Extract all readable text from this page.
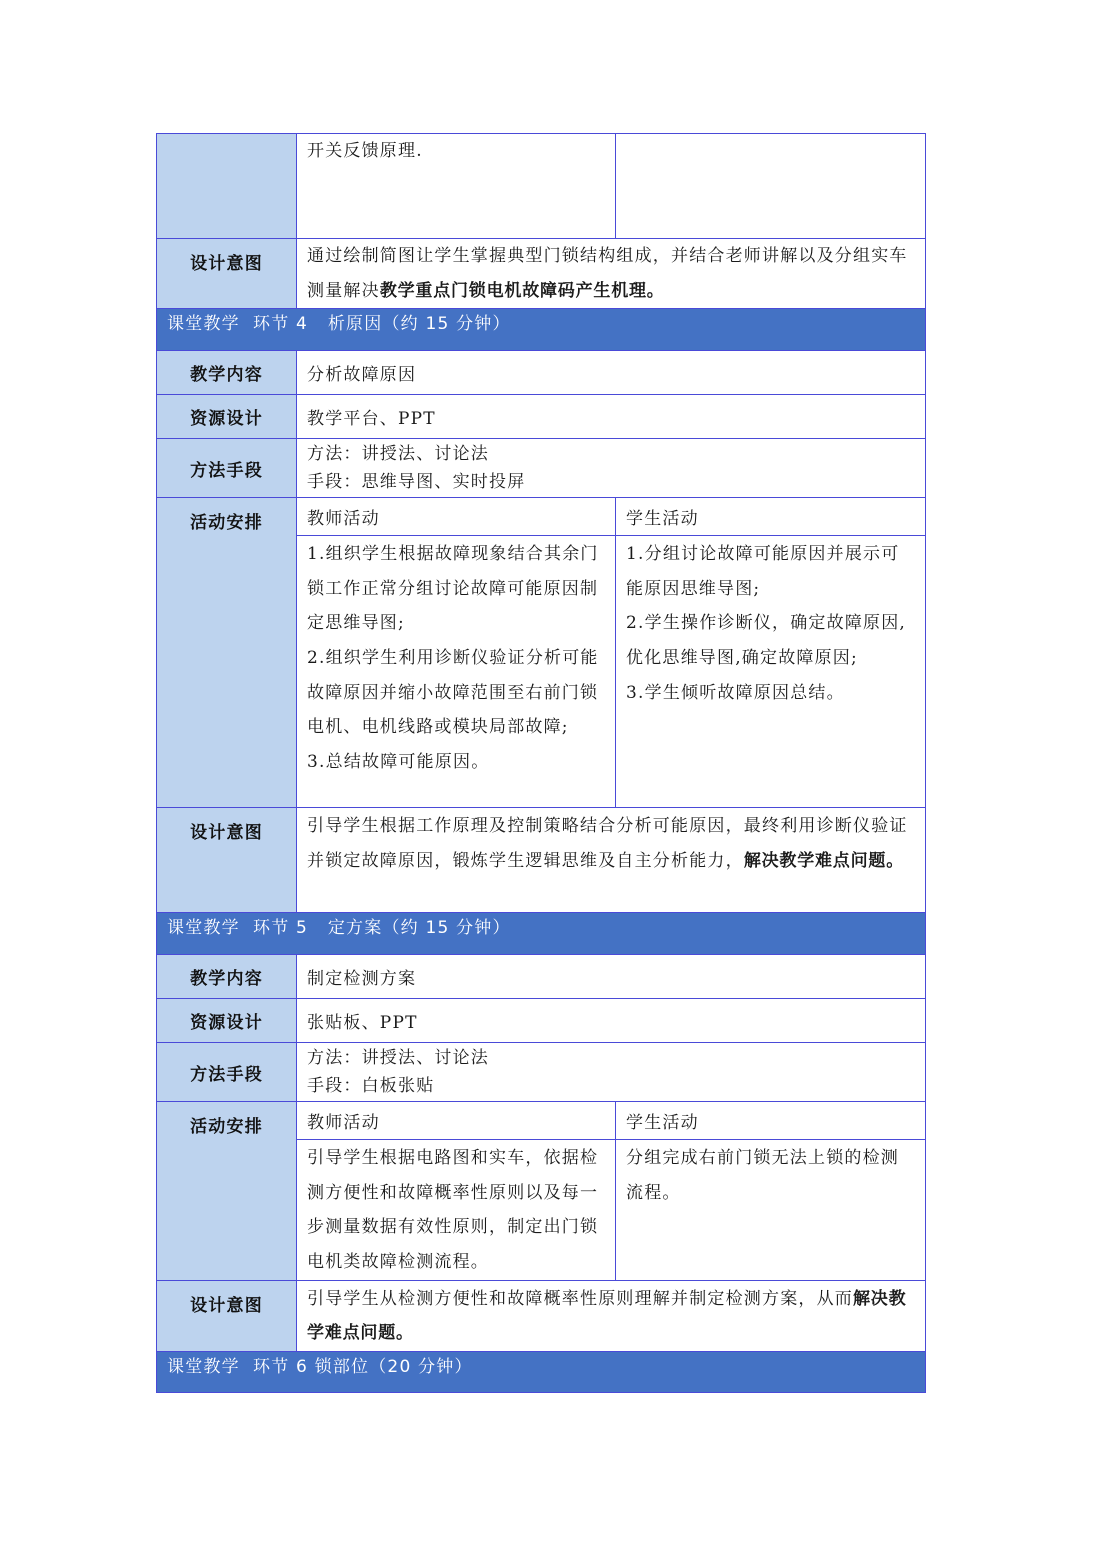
	开关反馈原理.	
设计意图	通过绘制简图让学生掌握典型门锁结构组成，并结合老师讲解以及分组实车测量解决教学重点门锁电机故障码产生机理。	
课堂教学  环节 4   析原因（约 15 分钟）		
教学内容	分析故障原因	
资源设计	教学平台、PPT	
方法手段	方法：讲授法、讨论法
手段：思维导图、实时投屏	

活动安排	教师活动	学生活动

	1.组织学生根据故障现象结合其余门锁工作正常分组讨论故障可能原因制定思维导图;
2.组织学生利用诊断仪验证分析可能故障原因并缩小故障范围至右前门锁电机、电机线路或模块局部故障;
3.总结故障可能原因。	1.分组讨论故障可能原因并展示可能原因思维导图;
2.学生操作诊断仪，确定故障原因,优化思维导图,确定故障原因;
3.学生倾听故障原因总结。

设计意图	引导学生根据工作原理及控制策略结合分析可能原因，最终利用诊断仪验证并锁定故障原因，锻炼学生逻辑思维及自主分析能力，解决教学难点问题。	
课堂教学  环节 5   定方案（约 15 分钟）		
教学内容	制定检测方案	
资源设计	张贴板、PPT	
方法手段	方法：讲授法、讨论法
手段：白板张贴	

活动安排	教师活动	学生活动
	引导学生根据电路图和实车，依据检测方便性和故障概率性原则以及每一步测量数据有效性原则，制定出门锁电机类故障检测流程。	分组完成右前门锁无法上锁的检测流程。
设计意图	引导学生从检测方便性和故障概率性原则理解并制定检测方案，从而解决教学难点问题。	
课堂教学  环节 6 锁部位（20 分钟）		
